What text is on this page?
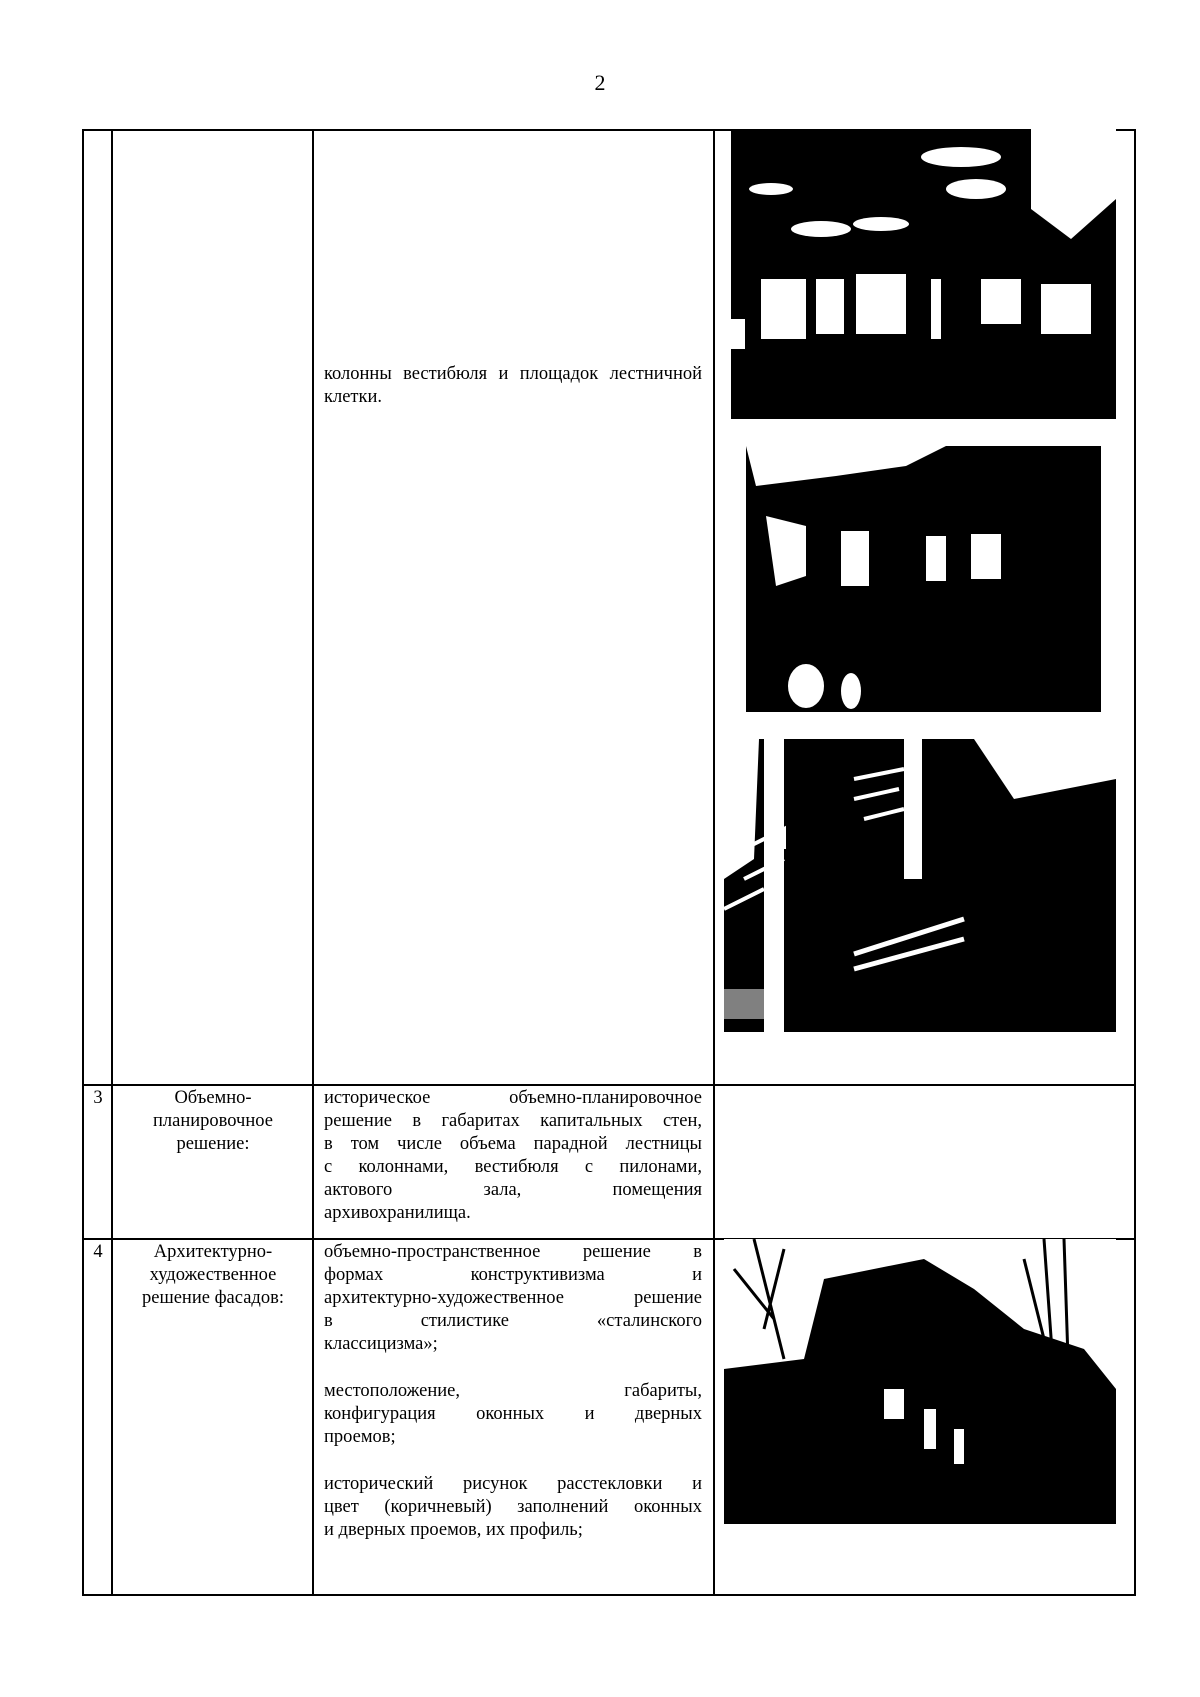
2
колонны вестибюля и площадок лестничной клетки.
3	Объемно-
планировочное
решение:
историческое объемно-планировочное
решение в габаритах капитальных стен,
в том числе объема парадной лестницы
с колоннами, вестибюля с пилонами,
актового зала, помещения
архивохранилища.
4	Архитектурно-
художественное
решение фасадов:

объемно-пространственное решение в

формах конструктивизма и

архитектурно-художественное решение

в стилистике «сталинского

классицизма»;

местоположение, габариты,

конфигурация оконных и дверных

проемов;

исторический рисунок расстекловки и

цвет (коричневый) заполнений оконных

и дверных проемов, их профиль;
